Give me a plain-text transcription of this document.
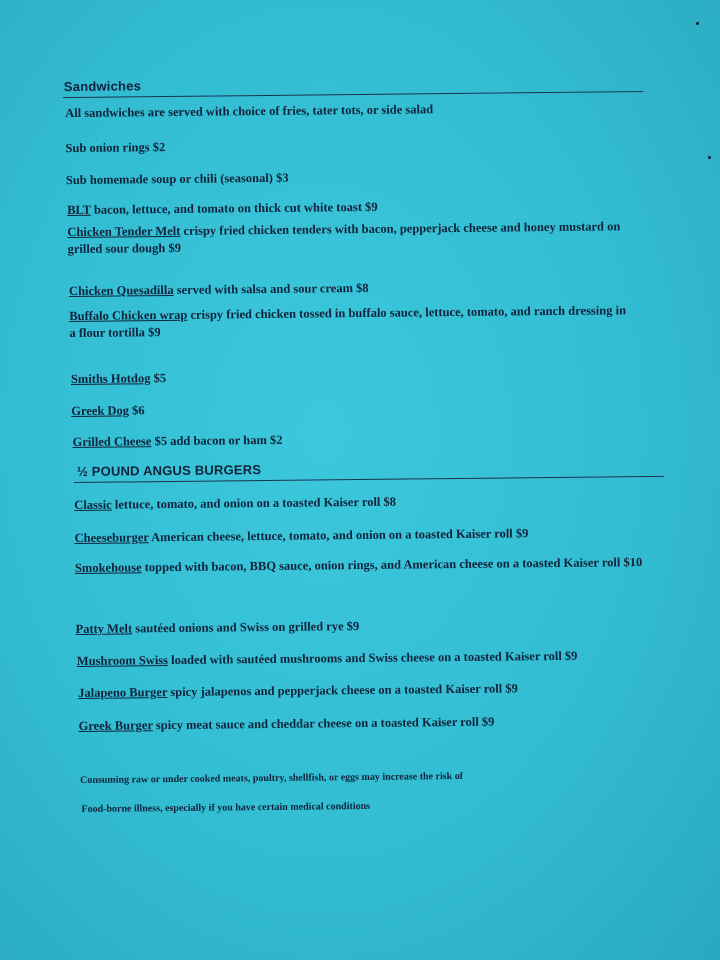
Sandwiches
All sandwiches are served with choice of fries, tater tots, or side salad
Sub onion rings $2
Sub homemade soup or chili (seasonal) $3
BLT bacon, lettuce, and tomato on thick cut white toast $9
Chicken Tender Melt crispy fried chicken tenders with bacon, pepperjack cheese and honey mustard on grilled sour dough $9
Chicken Quesadilla served with salsa and sour cream $8
Buffalo Chicken wrap crispy fried chicken tossed in buffalo sauce, lettuce, tomato, and ranch dressing in a flour tortilla $9
Smiths Hotdog $5
Greek Dog $6
Grilled Cheese $5 add bacon or ham $2
½ POUND ANGUS BURGERS
Classic lettuce, tomato, and onion on a toasted Kaiser roll $8
Cheeseburger American cheese, lettuce, tomato, and onion on a toasted Kaiser roll $9
Smokehouse topped with bacon, BBQ sauce, onion rings, and American cheese on a toasted Kaiser roll $10
Patty Melt sautéed onions and Swiss on grilled rye $9
Mushroom Swiss loaded with sautéed mushrooms and Swiss cheese on a toasted Kaiser roll $9
Jalapeno Burger spicy jalapenos and pepperjack cheese on a toasted Kaiser roll $9
Greek Burger spicy meat sauce and cheddar cheese on a toasted Kaiser roll $9
Consuming raw or under cooked meats, poultry, shellfish, or eggs may increase the risk of
Food-borne illness, especially if you have certain medical conditions
